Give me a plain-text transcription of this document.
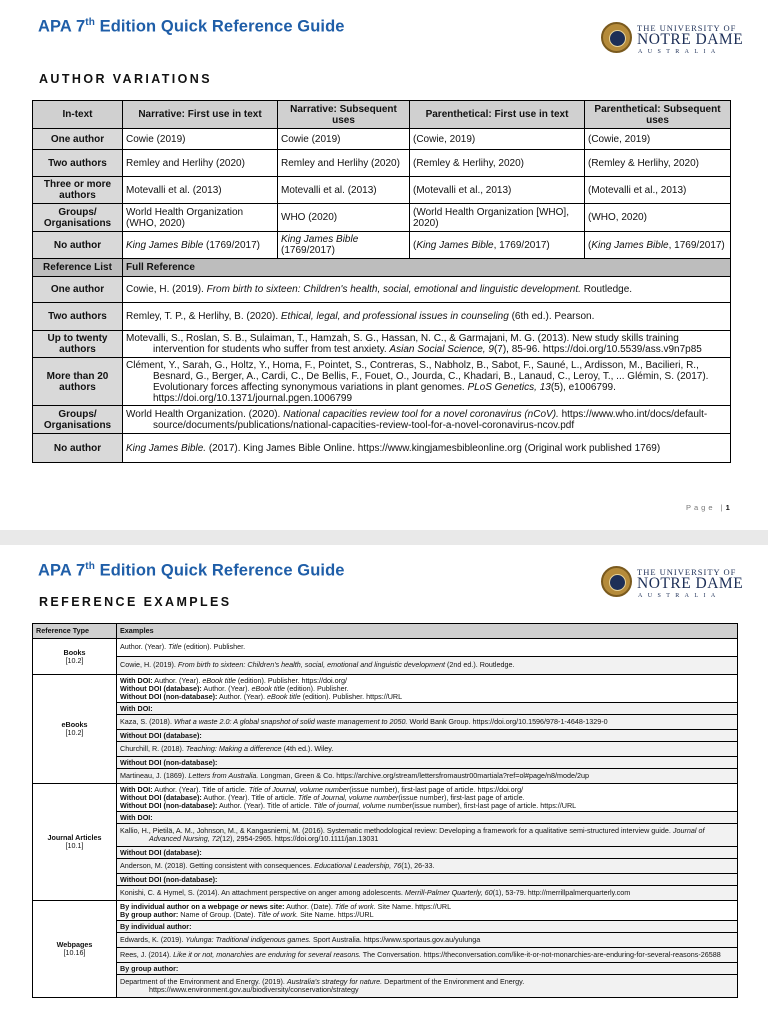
APA 7th Edition Quick Reference Guide	THE UNIVERSITY OF
NOTRE DAME
AUSTRALIA
AUTHOR VARIATIONS
In-text	Narrative: First use in text	Narrative: Subsequent uses	Parenthetical: First use in text	Parenthetical: Subsequent uses
One author	Cowie (2019)	Cowie (2019)	(Cowie, 2019)	(Cowie, 2019)
Two authors	Remley and Herlihy (2020)	Remley and Herlihy (2020)	(Remley & Herlihy, 2020)	(Remley & Herlihy, 2020)
Three or more authors	Motevalli et al. (2013)	Motevalli et al. (2013)	(Motevalli et al., 2013)	(Motevalli et al., 2013)
Groups/ Organisations	World Health Organization (WHO, 2020)	WHO (2020)	(World Health Organization [WHO], 2020)	(WHO, 2020)
No author	King James Bible (1769/2017)	King James Bible (1769/2017)	(King James Bible, 1769/2017)	(King James Bible, 1769/2017)
Reference List	Full Reference			
One author	Cowie, H. (2019). From birth to sixteen: Children's health, social, emotional and linguistic development. Routledge.			
Two authors	Remley, T. P., & Herlihy, B. (2020). Ethical, legal, and professional issues in counseling (6th ed.). Pearson.			
Up to twenty authors	Motevalli, S., Roslan, S. B., Sulaiman, T., Hamzah, S. G., Hassan, N. C., & Garmajani, M. G. (2013). New study skills training intervention for students who suffer from test anxiety. Asian Social Science, 9(7), 85-96. https://doi.org/10.5539/ass.v9n7p85			
More than 20 authors	Clément, Y., Sarah, G., Holtz, Y., Homa, F., Pointet, S., Contreras, S., Nabholz, B., Sabot, F., Sauné, L., Ardisson, M., Bacilieri, R., Besnard, G., Berger, A., Cardi, C., De Bellis, F., Fouet, O., Jourda, C., Khadari, B., Lanaud, C., Leroy, T., ... Glémin, S. (2017). Evolutionary forces affecting synonymous variations in plant genomes. PLoS Genetics, 13(5), e1006799. https://doi.org/10.1371/journal.pgen.1006799			
Groups/ Organisations	World Health Organization. (2020). National capacities review tool for a novel coronavirus (nCoV). https://www.who.int/docs/default-source/documents/publications/national-capacities-review-tool-for-a-novel-coronavirus-ncov.pdf			
No author	King James Bible. (2017). King James Bible Online. https://www.kingjamesbibleonline.org (Original work published 1769)			
Page |1
APA 7th Edition Quick Reference Guide	THE UNIVERSITY OF
NOTRE DAME
AUSTRALIA
REFERENCE EXAMPLES
Reference Type	Examples
Books
[10.2]	Author. (Year). Title (edition). Publisher.
	Cowie, H. (2019). From birth to sixteen: Children's health, social, emotional and linguistic development (2nd ed.). Routledge.
eBooks
[10.2]	With DOI: Author. (Year). eBook title (edition). Publisher. https://doi.org/
Without DOI (database): Author. (Year). eBook title (edition). Publisher.
Without DOI (non-database): Author. (Year). eBook title (edition). Publisher. https://URL

	With DOI:
	Kaza, S. (2018). What a waste 2.0: A global snapshot of solid waste management to 2050. World Bank Group. https://doi.org/10.1596/978-1-4648-1329-0
	Without DOI (database):
	Churchill, R. (2018). Teaching: Making a difference (4th ed.). Wiley.
	Without DOI (non-database):
	Martineau, J. (1869). Letters from Australia. Longman, Green & Co. https://archive.org/stream/lettersfromaustr00martiala?ref=ol#page/n8/mode/2up
Journal Articles
[10.1]	With DOI: Author. (Year). Title of article. Title of Journal, volume number(issue number), first-last page of article. https://doi.org/
Without DOI (database): Author. (Year). Title of article. Title of Journal, volume number(issue number), first-last page of article.
Without DOI (non-database): Author. (Year). Title of article. Title of journal, volume number(issue number), first-last page of article. https://URL

	With DOI:
	Kallio, H., Pietilä, A. M., Johnson, M., & Kangasniemi, M. (2016). Systematic methodological review: Developing a framework for a qualitative semi-structured interview guide. Journal of Advanced Nursing, 72(12), 2954-2965. https://doi.org/10.1111/jan.13031
	Without DOI (database):
	Anderson, M. (2018). Getting consistent with consequences. Educational Leadership, 76(1), 26-33.
	Without DOI (non-database):
	Konishi, C. & Hymel, S. (2014). An attachment perspective on anger among adolescents. Merrill-Palmer Quarterly, 60(1), 53-79. http://merrillpalmerquarterly.com
Webpages
[10.16]	By individual author on a webpage or news site: Author. (Date). Title of work. Site Name. https://URL
By group author: Name of Group. (Date). Title of work. Site Name. https://URL

	By individual author:
	Edwards, K. (2019). Yulunga: Traditional indigenous games. Sport Australia. https://www.sportaus.gov.au/yulunga
	Rees, J. (2014). Like it or not, monarchies are enduring for several reasons. The Conversation. https://theconversation.com/like-it-or-not-monarchies-are-enduring-for-several-reasons-26588
	By group author:
	Department of the Environment and Energy. (2019). Australia's strategy for nature. Department of the Environment and Energy. https://www.environment.gov.au/biodiversity/conservation/strategy
